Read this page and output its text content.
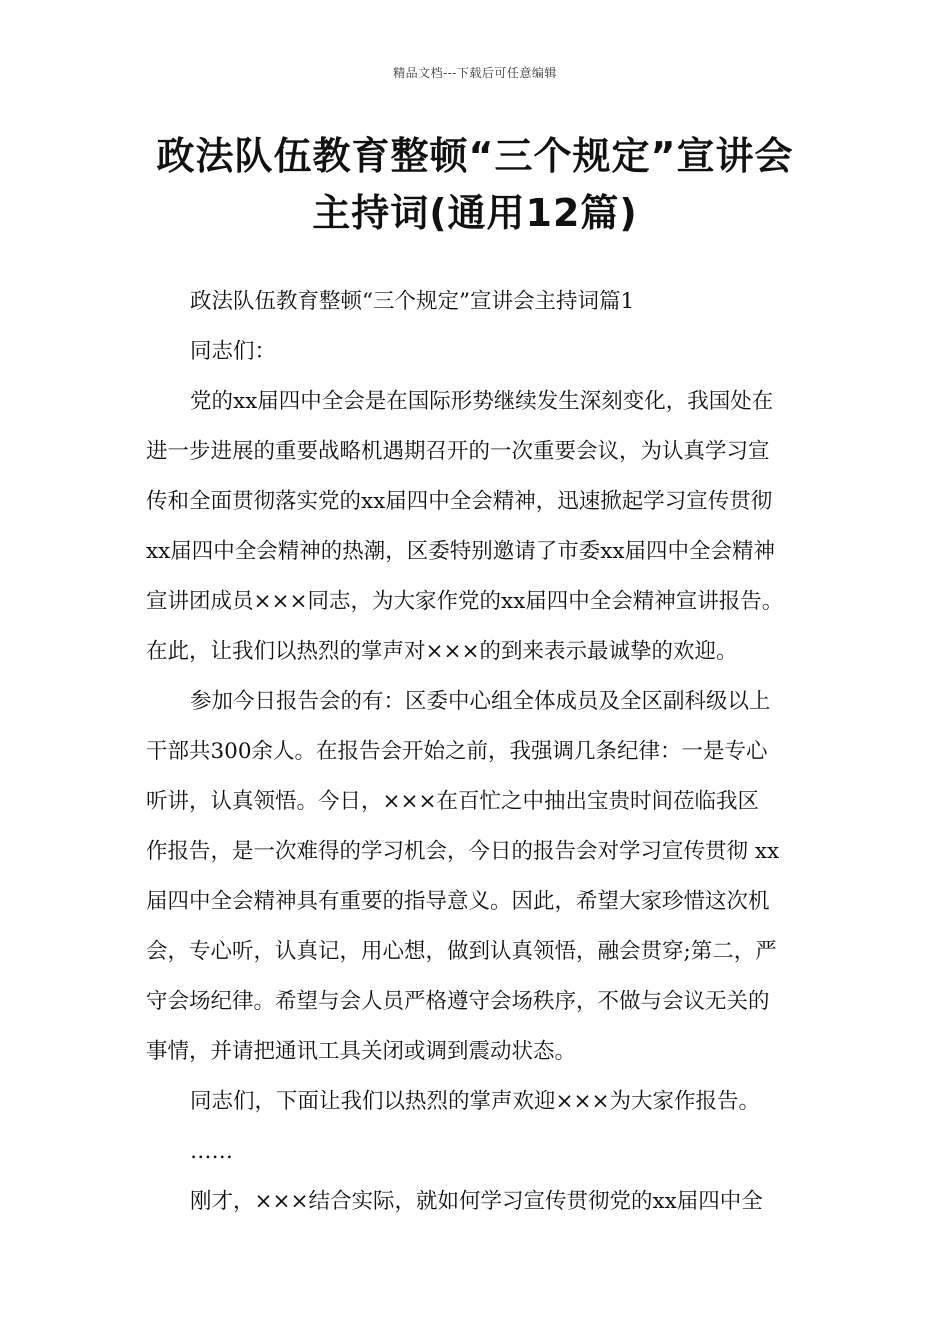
精品文档---下载后可任意编辑
政法队伍教育整顿“三个规定”宣讲会
主持词(通用12篇)
政法队伍教育整顿“三个规定”宣讲会主持词篇1
同志们：
党的xx届四中全会是在国际形势继续发生深刻变化，我国处在
进一步进展的重要战略机遇期召开的一次重要会议，为认真学习宣
传和全面贯彻落实党的xx届四中全会精神，迅速掀起学习宣传贯彻
xx届四中全会精神的热潮，区委特别邀请了市委xx届四中全会精神
宣讲团成员×××同志，为大家作党的xx届四中全会精神宣讲报告。
在此，让我们以热烈的掌声对×××的到来表示最诚挚的欢迎。
参加今日报告会的有：区委中心组全体成员及全区副科级以上
干部共300余人。在报告会开始之前，我强调几条纪律：一是专心
听讲，认真领悟。今日，×××在百忙之中抽出宝贵时间莅临我区
作报告，是一次难得的学习机会，今日的报告会对学习宣传贯彻 xx
届四中全会精神具有重要的指导意义。因此，希望大家珍惜这次机
会，专心听，认真记，用心想，做到认真领悟，融会贯穿;第二，严
守会场纪律。希望与会人员严格遵守会场秩序，不做与会议无关的
事情，并请把通讯工具关闭或调到震动状态。
同志们，下面让我们以热烈的掌声欢迎×××为大家作报告。
……
刚才，×××结合实际，就如何学习宣传贯彻党的xx届四中全
